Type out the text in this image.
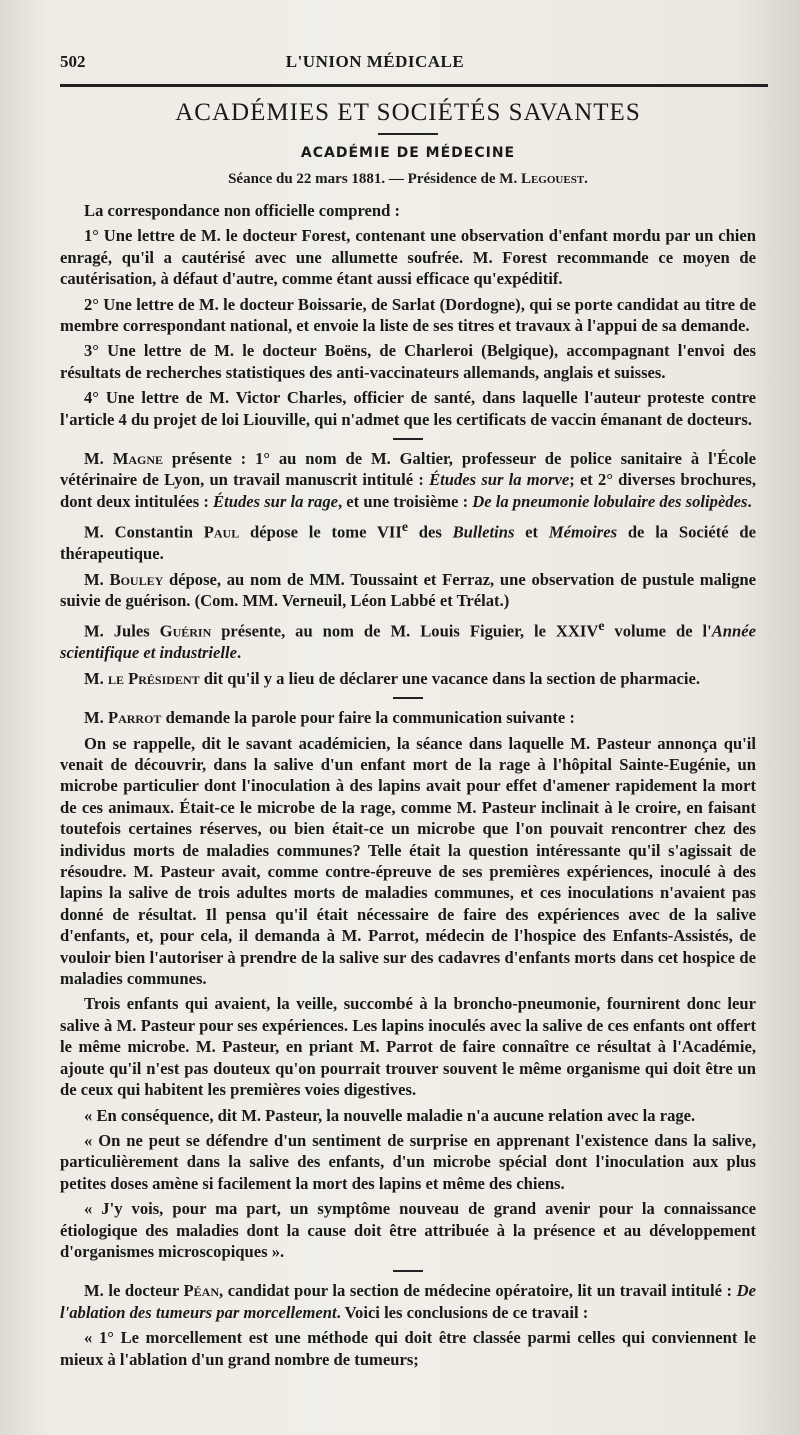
502	L'UNION MÉDICALE
ACADÉMIES ET SOCIÉTÉS SAVANTES
ACADÉMIE DE MÉDECINE
Séance du 22 mars 1881. — Présidence de M. Legouest.

La correspondance non officielle comprend :

1° Une lettre de M. le docteur Forest, contenant une observation d'enfant mordu par un chien enragé, qu'il a cautérisé avec une allumette soufrée. M. Forest recommande ce moyen de cautérisation, à défaut d'autre, comme étant aussi efficace qu'expéditif.

2° Une lettre de M. le docteur Boissarie, de Sarlat (Dordogne), qui se porte candidat au titre de membre correspondant national, et envoie la liste de ses titres et travaux à l'appui de sa demande.

3° Une lettre de M. le docteur Boëns, de Charleroi (Belgique), accompagnant l'envoi des résultats de recherches statistiques des anti-vaccinateurs allemands, anglais et suisses.

4° Une lettre de M. Victor Charles, officier de santé, dans laquelle l'auteur proteste contre l'article 4 du projet de loi Liouville, qui n'admet que les certificats de vaccin émanant de docteurs.

M. Magne présente : 1° au nom de M. Galtier, professeur de police sanitaire à l'École vétérinaire de Lyon, un travail manuscrit intitulé : Études sur la morve; et 2° diverses brochures, dont deux intitulées : Études sur la rage, et une troisième : De la pneumonie lobulaire des solipèdes.

M. Constantin Paul dépose le tome VIIe des Bulletins et Mémoires de la Société de thérapeutique.

M. Bouley dépose, au nom de MM. Toussaint et Ferraz, une observation de pustule maligne suivie de guérison. (Com. MM. Verneuil, Léon Labbé et Trélat.)

M. Jules Guérin présente, au nom de M. Louis Figuier, le XXIVe volume de l'Année scientifique et industrielle.

M. le Président dit qu'il y a lieu de déclarer une vacance dans la section de pharmacie.

M. Parrot demande la parole pour faire la communication suivante :

On se rappelle, dit le savant académicien, la séance dans laquelle M. Pasteur annonça qu'il venait de découvrir, dans la salive d'un enfant mort de la rage à l'hôpital Sainte-Eugénie, un microbe particulier dont l'inoculation à des lapins avait pour effet d'amener rapidement la mort de ces animaux. Était-ce le microbe de la rage, comme M. Pasteur inclinait à le croire, en faisant toutefois certaines réserves, ou bien était-ce un microbe que l'on pouvait rencontrer chez des individus morts de maladies communes? Telle était la question intéressante qu'il s'agissait de résoudre. M. Pasteur avait, comme contre-épreuve de ses premières expériences, inoculé à des lapins la salive de trois adultes morts de maladies communes, et ces inoculations n'avaient pas donné de résultat. Il pensa qu'il était nécessaire de faire des expériences avec de la salive d'enfants, et, pour cela, il demanda à M. Parrot, médecin de l'hospice des Enfants-Assistés, de vouloir bien l'autoriser à prendre de la salive sur des cadavres d'enfants morts dans cet hospice de maladies communes.

Trois enfants qui avaient, la veille, succombé à la broncho-pneumonie, fournirent donc leur salive à M. Pasteur pour ses expériences. Les lapins inoculés avec la salive de ces enfants ont offert le même microbe. M. Pasteur, en priant M. Parrot de faire connaître ce résultat à l'Académie, ajoute qu'il n'est pas douteux qu'on pourrait trouver souvent le même organisme qui doit être un de ceux qui habitent les premières voies digestives.

« En conséquence, dit M. Pasteur, la nouvelle maladie n'a aucune relation avec la rage.

« On ne peut se défendre d'un sentiment de surprise en apprenant l'existence dans la salive, particulièrement dans la salive des enfants, d'un microbe spécial dont l'inoculation aux plus petites doses amène si facilement la mort des lapins et même des chiens.

« J'y vois, pour ma part, un symptôme nouveau de grand avenir pour la connaissance étiologique des maladies dont la cause doit être attribuée à la présence et au développement d'organismes microscopiques ».

M. le docteur Péan, candidat pour la section de médecine opératoire, lit un travail intitulé : De l'ablation des tumeurs par morcellement. Voici les conclusions de ce travail :

« 1° Le morcellement est une méthode qui doit être classée parmi celles qui conviennent le mieux à l'ablation d'un grand nombre de tumeurs;
